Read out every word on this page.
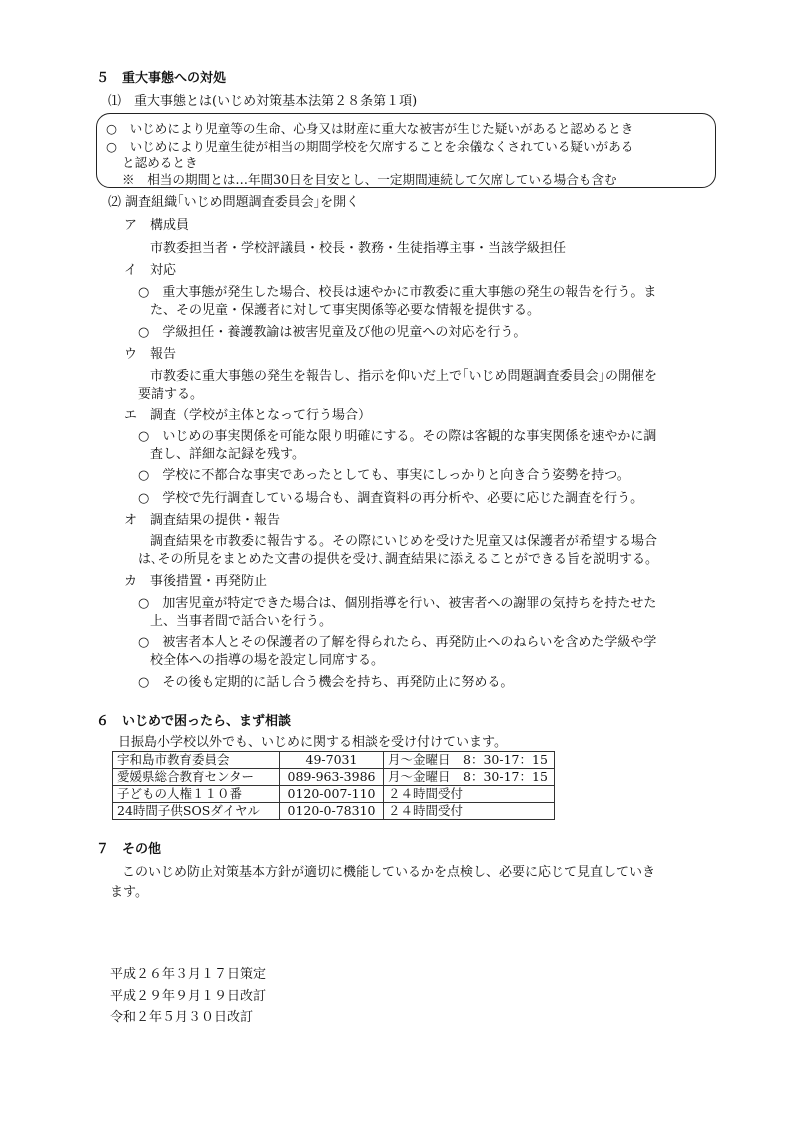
５　重大事態への対処
⑴　重大事態とは(いじめ対策基本法第２８条第１項)
○　いじめにより児童等の生命、心身又は財産に重大な被害が生じた疑いがあると認めるとき
○　いじめにより児童生徒が相当の期間学校を欠席することを余儀なくされている疑いがある
と認めるとき
※　相当の期間とは…年間30日を目安とし、一定期間連続して欠席している場合も含む
⑵ 調査組織｢いじめ問題調査委員会｣を開く
ア　構成員
市教委担当者・学校評議員・校長・教務・生徒指導主事・当該学級担任
イ　対応
○　重大事態が発生した場合、校長は速やかに市教委に重大事態の発生の報告を行う。ま
た、その児童・保護者に対して事実関係等必要な情報を提供する。
○　学級担任・養護教諭は被害児童及び他の児童への対応を行う。
ウ　報告
市教委に重大事態の発生を報告し、指示を仰いだ上で｢いじめ問題調査委員会｣の開催を
要請する。
エ　調査（学校が主体となって行う場合）
○　いじめの事実関係を可能な限り明確にする。その際は客観的な事実関係を速やかに調
査し、詳細な記録を残す。
○　学校に不都合な事実であったとしても、事実にしっかりと向き合う姿勢を持つ。
○　学校で先行調査している場合も、調査資料の再分析や、必要に応じた調査を行う。
オ　調査結果の提供・報告
調査結果を市教委に報告する。その際にいじめを受けた児童又は保護者が希望する場合
は､その所見をまとめた文書の提供を受け､調査結果に添えることができる旨を説明する。
カ　事後措置・再発防止
○　加害児童が特定できた場合は、個別指導を行い、被害者への謝罪の気持ちを持たせた
上、当事者間で話合いを行う。
○　被害者本人とその保護者の了解を得られたら、再発防止へのねらいを含めた学級や学
校全体への指導の場を設定し同席する。
○　その後も定期的に話し合う機会を持ち、再発防止に努める。
６　いじめで困ったら、まず相談
日振島小学校以外でも、いじめに関する相談を受け付けています。
宇和島市教育委員会	49-7031	月～金曜日　8：30-17：15
愛媛県総合教育センター	089-963-3986	月～金曜日　8：30-17：15
子どもの人権１１０番	0120-007-110	２４時間受付
24時間子供SOSダイヤル	0120-0-78310	２４時間受付
７　その他
このいじめ防止対策基本方針が適切に機能しているかを点検し、必要に応じて見直していき
ます。
平成２６年３月１７日策定
平成２９年９月１９日改訂
令和２年５月３０日改訂
